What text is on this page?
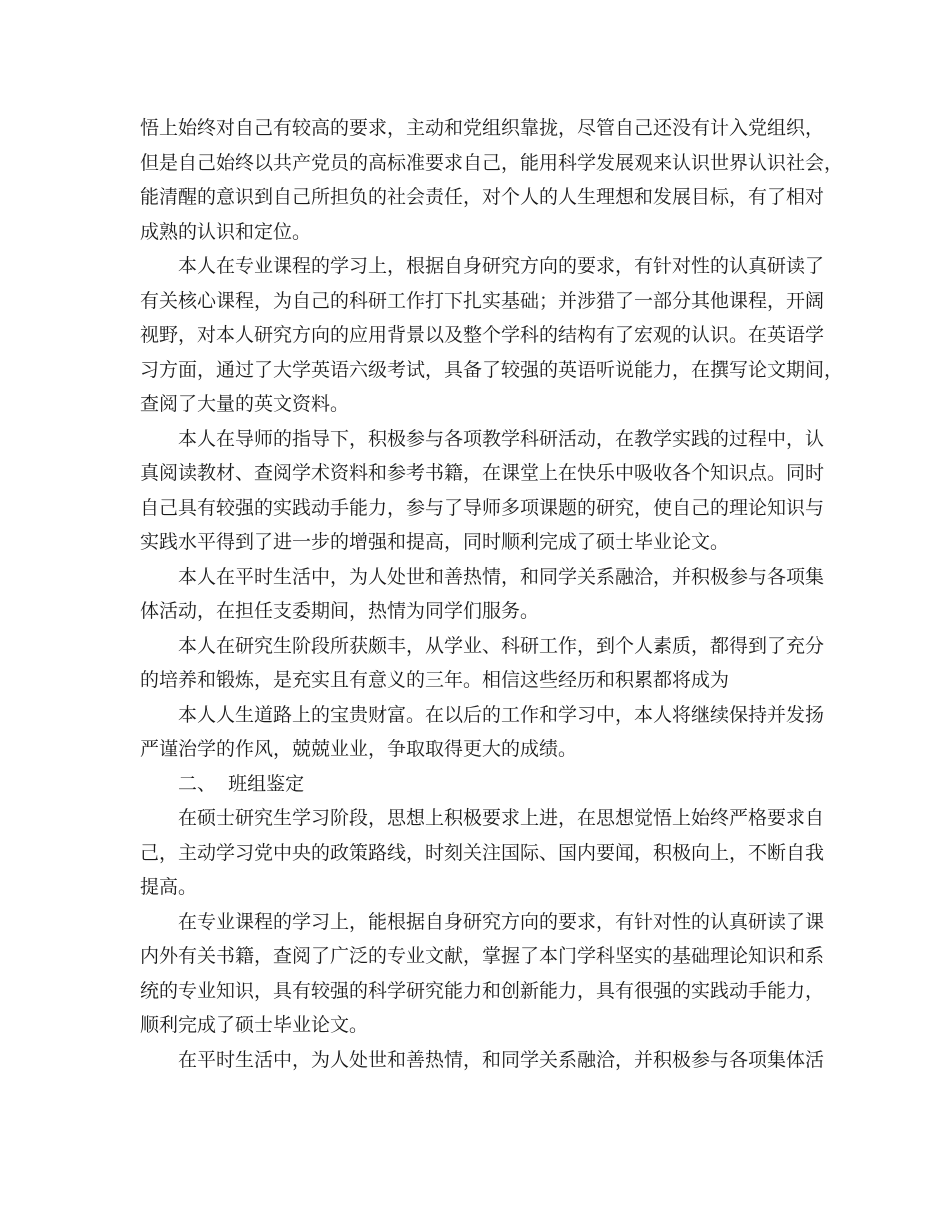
悟上始终对自己有较高的要求，主动和党组织靠拢，尽管自己还没有计入党组织，
但是自己始终以共产党员的高标准要求自己，能用科学发展观来认识世界认识社会，
能清醒的意识到自己所担负的社会责任，对个人的人生理想和发展目标，有了相对
成熟的认识和定位。
本人在专业课程的学习上，根据自身研究方向的要求，有针对性的认真研读了
有关核心课程，为自己的科研工作打下扎实基础；并涉猎了一部分其他课程，开阔
视野，对本人研究方向的应用背景以及整个学科的结构有了宏观的认识。在英语学
习方面，通过了大学英语六级考试，具备了较强的英语听说能力，在撰写论文期间，
查阅了大量的英文资料。
本人在导师的指导下，积极参与各项教学科研活动，在教学实践的过程中，认
真阅读教材、查阅学术资料和参考书籍，在课堂上在快乐中吸收各个知识点。同时
自己具有较强的实践动手能力，参与了导师多项课题的研究，使自己的理论知识与
实践水平得到了进一步的增强和提高，同时顺利完成了硕士毕业论文。
本人在平时生活中，为人处世和善热情，和同学关系融洽，并积极参与各项集
体活动，在担任支委期间，热情为同学们服务。
本人在研究生阶段所获颇丰，从学业、科研工作，到个人素质，都得到了充分
的培养和锻炼，是充实且有意义的三年。相信这些经历和积累都将成为
本人人生道路上的宝贵财富。在以后的工作和学习中，本人将继续保持并发扬
严谨治学的作风，兢兢业业，争取取得更大的成绩。
二、  班组鉴定
在硕士研究生学习阶段，思想上积极要求上进，在思想觉悟上始终严格要求自
己，主动学习党中央的政策路线，时刻关注国际、国内要闻，积极向上，不断自我
提高。
在专业课程的学习上，能根据自身研究方向的要求，有针对性的认真研读了课
内外有关书籍，查阅了广泛的专业文献，掌握了本门学科坚实的基础理论知识和系
统的专业知识，具有较强的科学研究能力和创新能力，具有很强的实践动手能力，
顺利完成了硕士毕业论文。
在平时生活中，为人处世和善热情，和同学关系融洽，并积极参与各项集体活
